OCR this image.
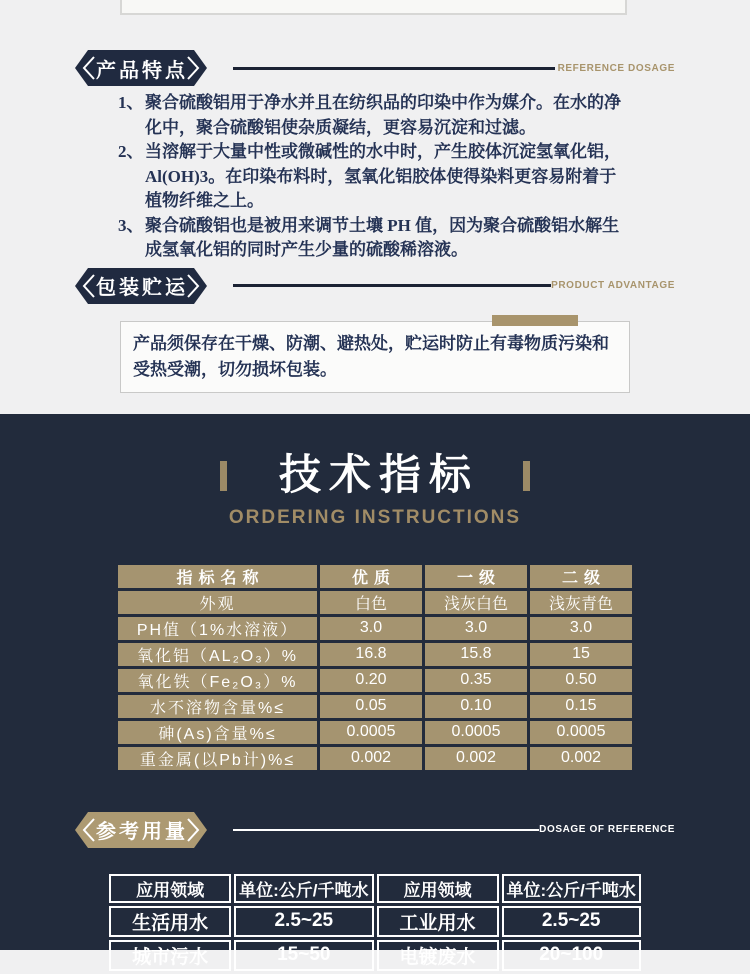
产品特点	REFERENCE DOSAGE
1、 聚合硫酸铝用于净水并且在纺织品的印染中作为媒介。在水的净化中，聚合硫酸铝使杂质凝结，更容易沉淀和过滤。
2、 当溶解于大量中性或微碱性的水中时，产生胶体沉淀氢氧化铝，Al(OH)3。在印染布料时，氢氧化铝胶体使得染料更容易附着于植物纤维之上。
3、 聚合硫酸铝也是被用来调节土壤 PH 值，因为聚合硫酸铝水解生成氢氧化铝的同时产生少量的硫酸稀溶液。
包装贮运	PRODUCT ADVANTAGE
产品须保存在干燥、防潮、避热处，贮运时防止有毒物质污染和受热受潮，切勿损坏包装。
技术指标
ORDERING INSTRUCTIONS
指标名称	优质	一级	二级
外观	白色	浅灰白色	浅灰青色
PH值（1%水溶液）	3.0	3.0	3.0
氧化铝（AL₂O₃）%	16.8	15.8	15
氧化铁（Fe₂O₃）%	0.20	0.35	0.50
水不溶物含量%≤	0.05	0.10	0.15
砷(As)含量%≤	0.0005	0.0005	0.0005
重金属(以Pb计)%≤	0.002	0.002	0.002
参考用量	DOSAGE OF REFERENCE
应用领域	单位:公斤/千吨水	应用领域	单位:公斤/千吨水
生活用水	2.5~25	工业用水	2.5~25
城市污水	15~50	电镀废水	20~100
